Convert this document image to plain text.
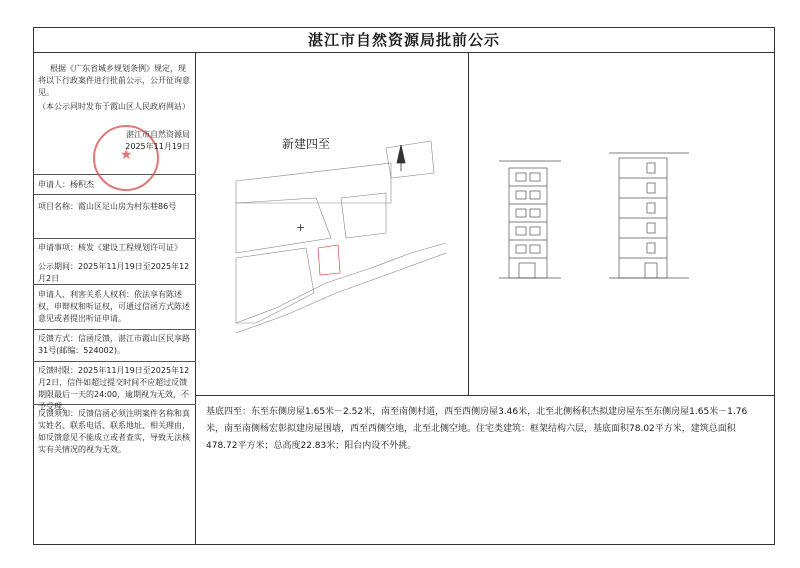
湛江市自然资源局批前公示

根据《广东省城乡规划条例》规定，现将以下行政案件进行批前公示，公开征询意见。

（本公示同时发布于霞山区人民政府网站）

★
湛江市自然资源局
2025年11月19日
申请人：杨积杰
项目名称：霞山区足山房为村东巷86号
申请事项：核发《建设工程规划许可证》
公示期间：2025年11月19日至2025年12月2日
申请人、利害关系人权利：依法享有陈述权、申辩权和听证权，可通过信函方式陈述意见或者提出听证申请。
反馈方式：信函反馈，湛江市霞山区民享路31号(邮编：524002)。
反馈时限：2025年11月19日至2025年12月2日，信件如超过提交时间不应超过反馈期限最后一天的24:00，逾期视为无效，不予受理。
反馈须知：反馈信函必须注明案件名称和真实姓名、联系电话、联系地址、相关理由，如反馈意见不能成立或者查实，导致无法核实有关情况的视为无效。
新建四至
+
基底四至：东至东侧房屋1.65米－2.52米，南至南侧村道，西至西侧房屋3.46米，北至北侧杨积杰拟建房屋东至东侧房屋1.65米－1.76米，南至南侧杨宏彰拟建房屋围墙，西至西侧空地，北至北侧空地。住宅类建筑：框架结构六层，基底面积78.02平方米，建筑总面积478.72平方米；总高度22.83米；阳台内设不外挑。
